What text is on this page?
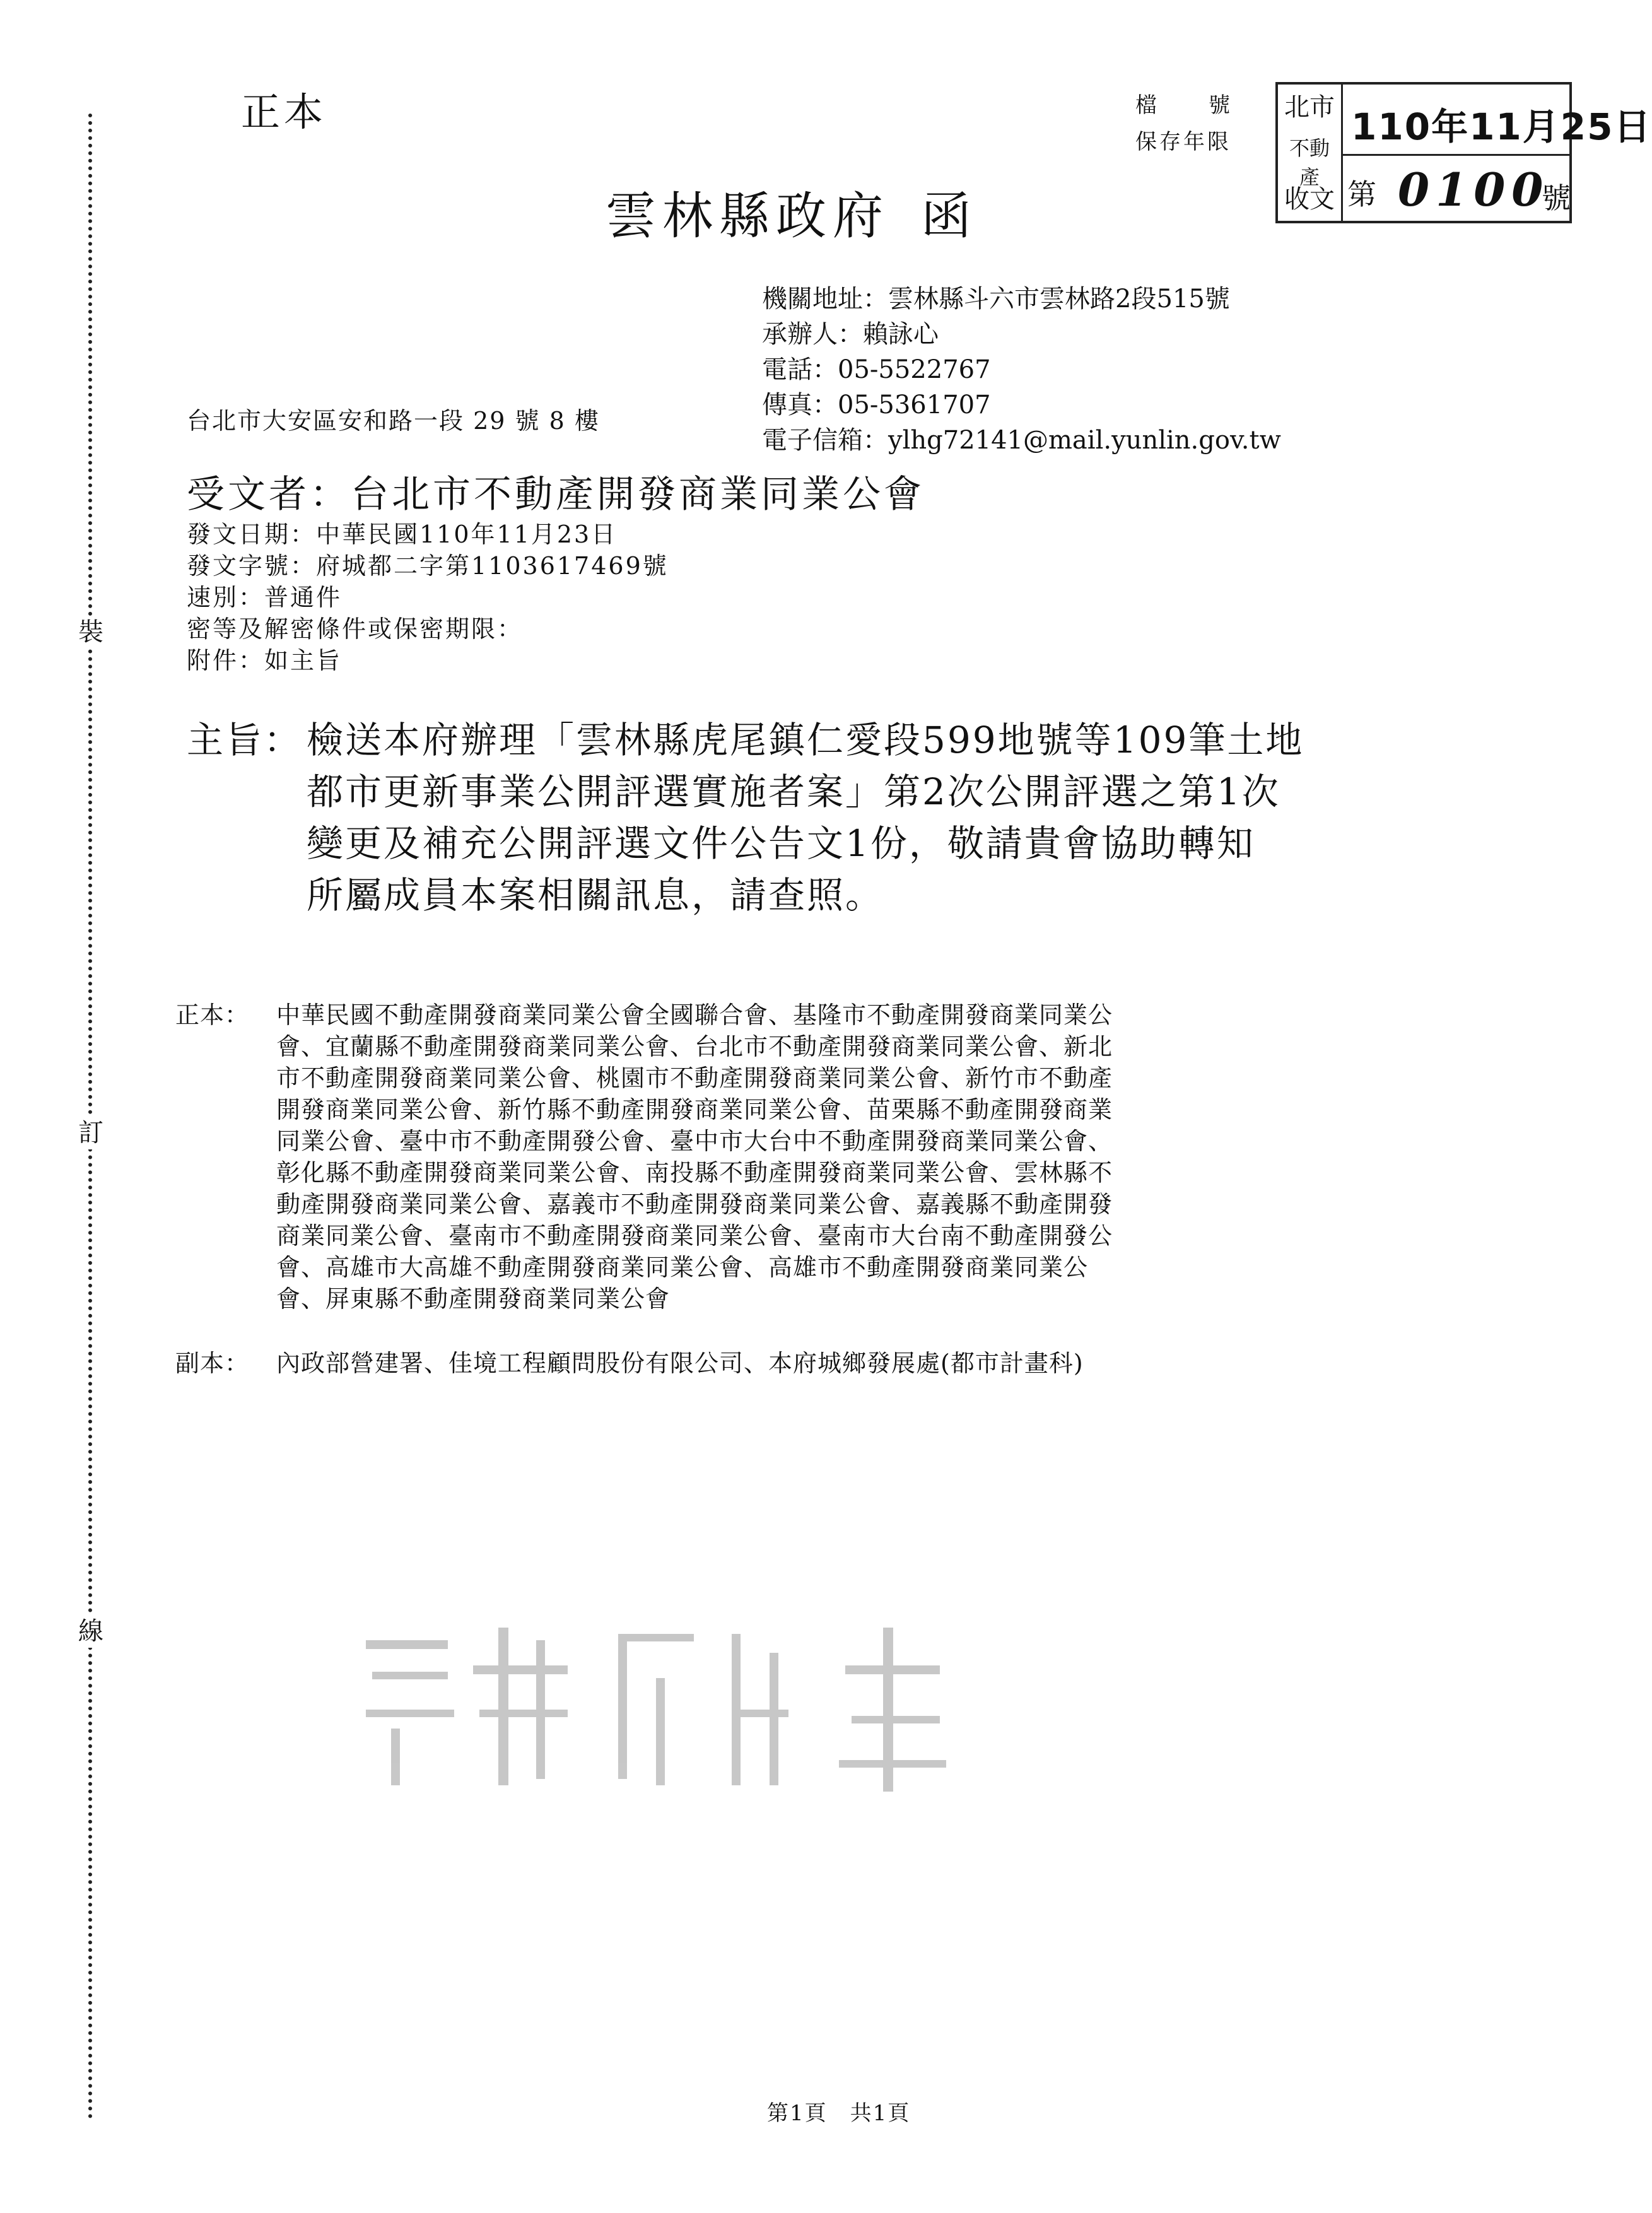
裝
訂
線
正本	檔　號
保存年限
北市
不動產
收文
110年11月25日
第 0100
號
雲林縣政府 函
機關地址：雲林縣斗六市雲林路2段515號
承辦人：賴詠心
電話：05-5522767
傳真：05-5361707
電子信箱：ylhg72141@mail.yunlin.gov.tw
台北市大安區安和路一段 29 號 8 樓
受文者：台北市不動產開發商業同業公會
發文日期：中華民國110年11月23日
發文字號：府城都二字第1103617469號
速別：普通件
密等及解密條件或保密期限：
附件：如主旨
主旨： 檢送本府辦理「雲林縣虎尾鎮仁愛段599地號等109筆土地
都市更新事業公開評選實施者案」第2次公開評選之第1次
變更及補充公開評選文件公告文1份，敬請貴會協助轉知
所屬成員本案相關訊息，請查照。
正本： 中華民國不動產開發商業同業公會全國聯合會、基隆市不動產開發商業同業公
會、宜蘭縣不動產開發商業同業公會、台北市不動產開發商業同業公會、新北
市不動產開發商業同業公會、桃園市不動產開發商業同業公會、新竹市不動產
開發商業同業公會、新竹縣不動產開發商業同業公會、苗栗縣不動產開發商業
同業公會、臺中市不動產開發公會、臺中市大台中不動產開發商業同業公會、
彰化縣不動產開發商業同業公會、南投縣不動產開發商業同業公會、雲林縣不
動產開發商業同業公會、嘉義市不動產開發商業同業公會、嘉義縣不動產開發
商業同業公會、臺南市不動產開發商業同業公會、臺南市大台南不動產開發公
會、高雄市大高雄不動產開發商業同業公會、高雄市不動產開發商業同業公
會、屏東縣不動產開發商業同業公會
副本： 內政部營建署、佳境工程顧問股份有限公司、本府城鄉發展處(都市計畫科)
第1頁　共1頁
